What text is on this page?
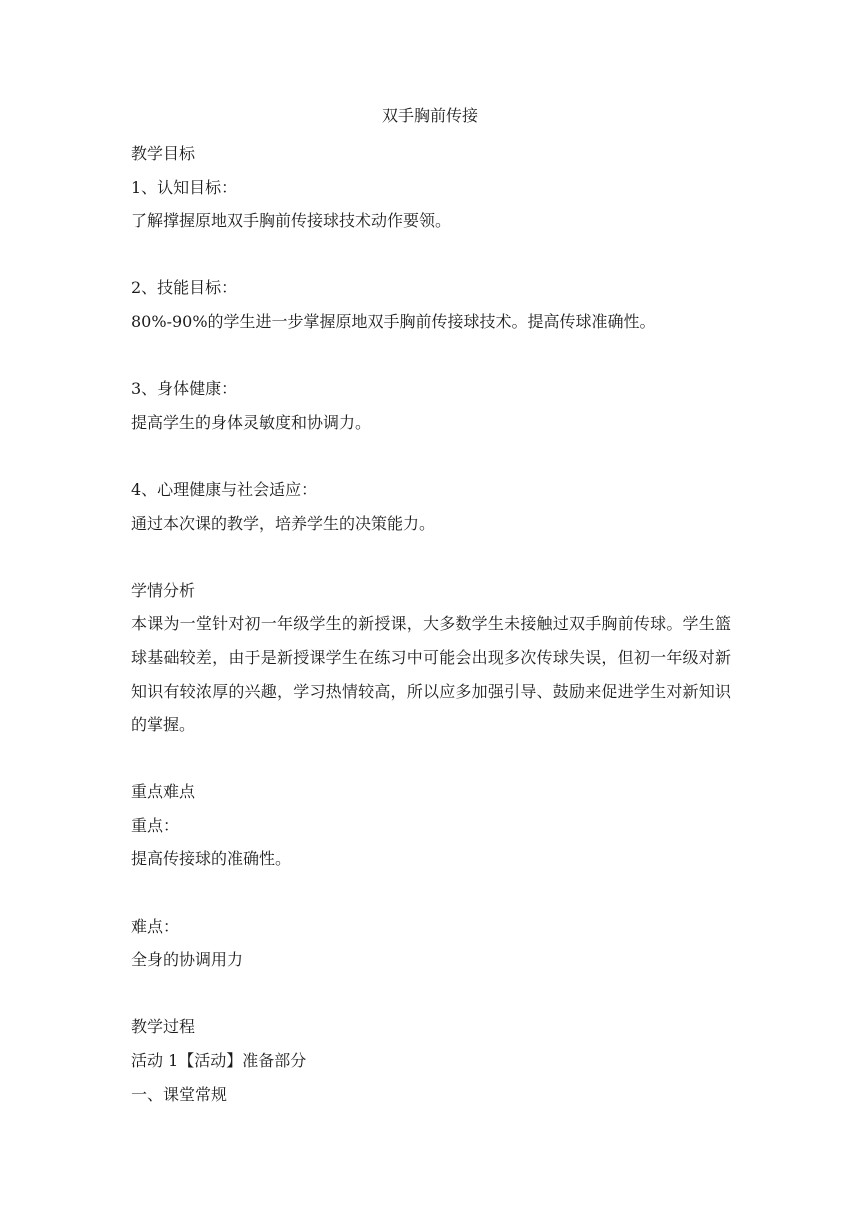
双手胸前传接

教学目标

1、认知目标：

了解撑握原地双手胸前传接球技术动作要领。

2、技能目标：

80%-90%的学生进一步掌握原地双手胸前传接球技术。提高传球准确性。

3、身体健康：

提高学生的身体灵敏度和协调力。

4、心理健康与社会适应：

通过本次课的教学，培养学生的决策能力。

学情分析

本课为一堂针对初一年级学生的新授课，大多数学生未接触过双手胸前传球。学生篮球基础较差，由于是新授课学生在练习中可能会出现多次传球失误，但初一年级对新知识有较浓厚的兴趣，学习热情较高，所以应多加强引导、鼓励来促进学生对新知识的掌握。

重点难点

重点：

提高传接球的准确性。

难点：

全身的协调用力

教学过程

活动 1【活动】准备部分

一、课堂常规
